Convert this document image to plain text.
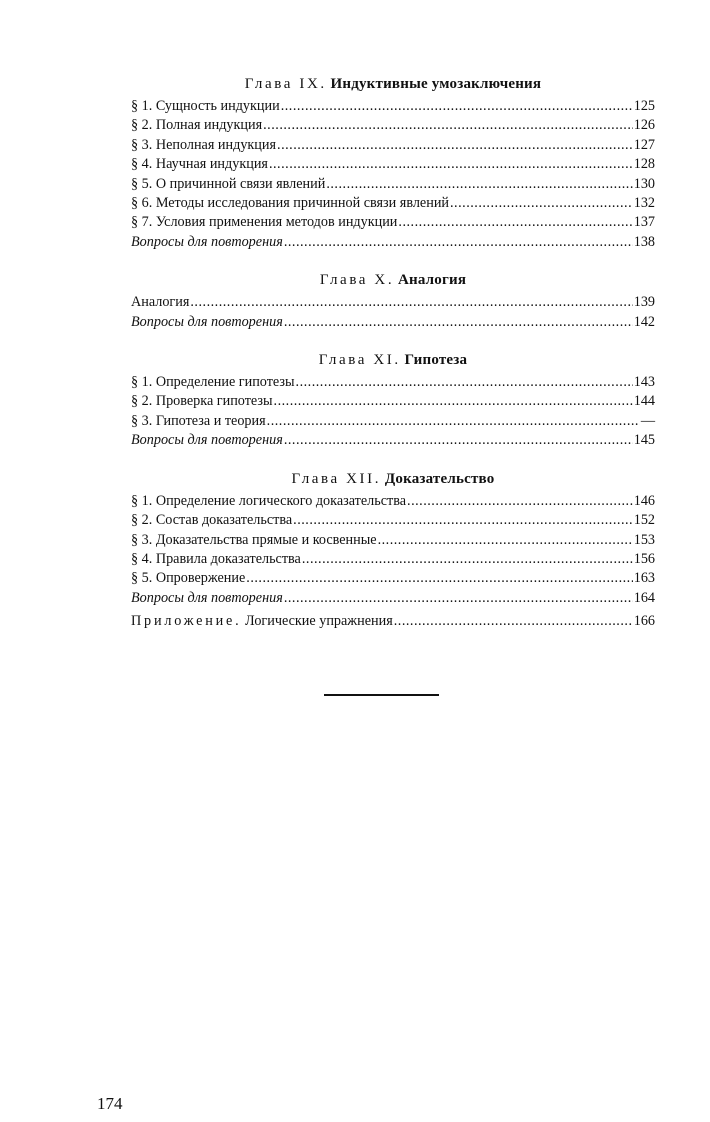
Глава IX. Индуктивные умозаключения
§ 1. Сущность индукции .....	125
§ 2. Полная индукция .....	126
§ 3. Неполная индукция .....	127
§ 4. Научная индукция .....	128
§ 5. О причинной связи явлений .....	130
§ 6. Методы исследования причинной связи явлений .....	132
§ 7. Условия применения методов индукции .....	137
Вопросы для повторения .....	138
Глава X. Аналогия
Аналогия .....	139
Вопросы для повторения .....	142
Глава XI. Гипотеза
§ 1. Определение гипотезы .....	143
§ 2. Проверка гипотезы .....	144
§ 3. Гипотеза и теория .....	—
Вопросы для повторения .....	145
Глава XII. Доказательство
§ 1. Определение логического доказательства .....	146
§ 2. Состав доказательства .....	152
§ 3. Доказательства прямые и косвенные .....	153
§ 4. Правила доказательства .....	156
§ 5. Опровержение .....	163
Вопросы для повторения .....	164
Приложение. Логические упражнения .....	166
174
